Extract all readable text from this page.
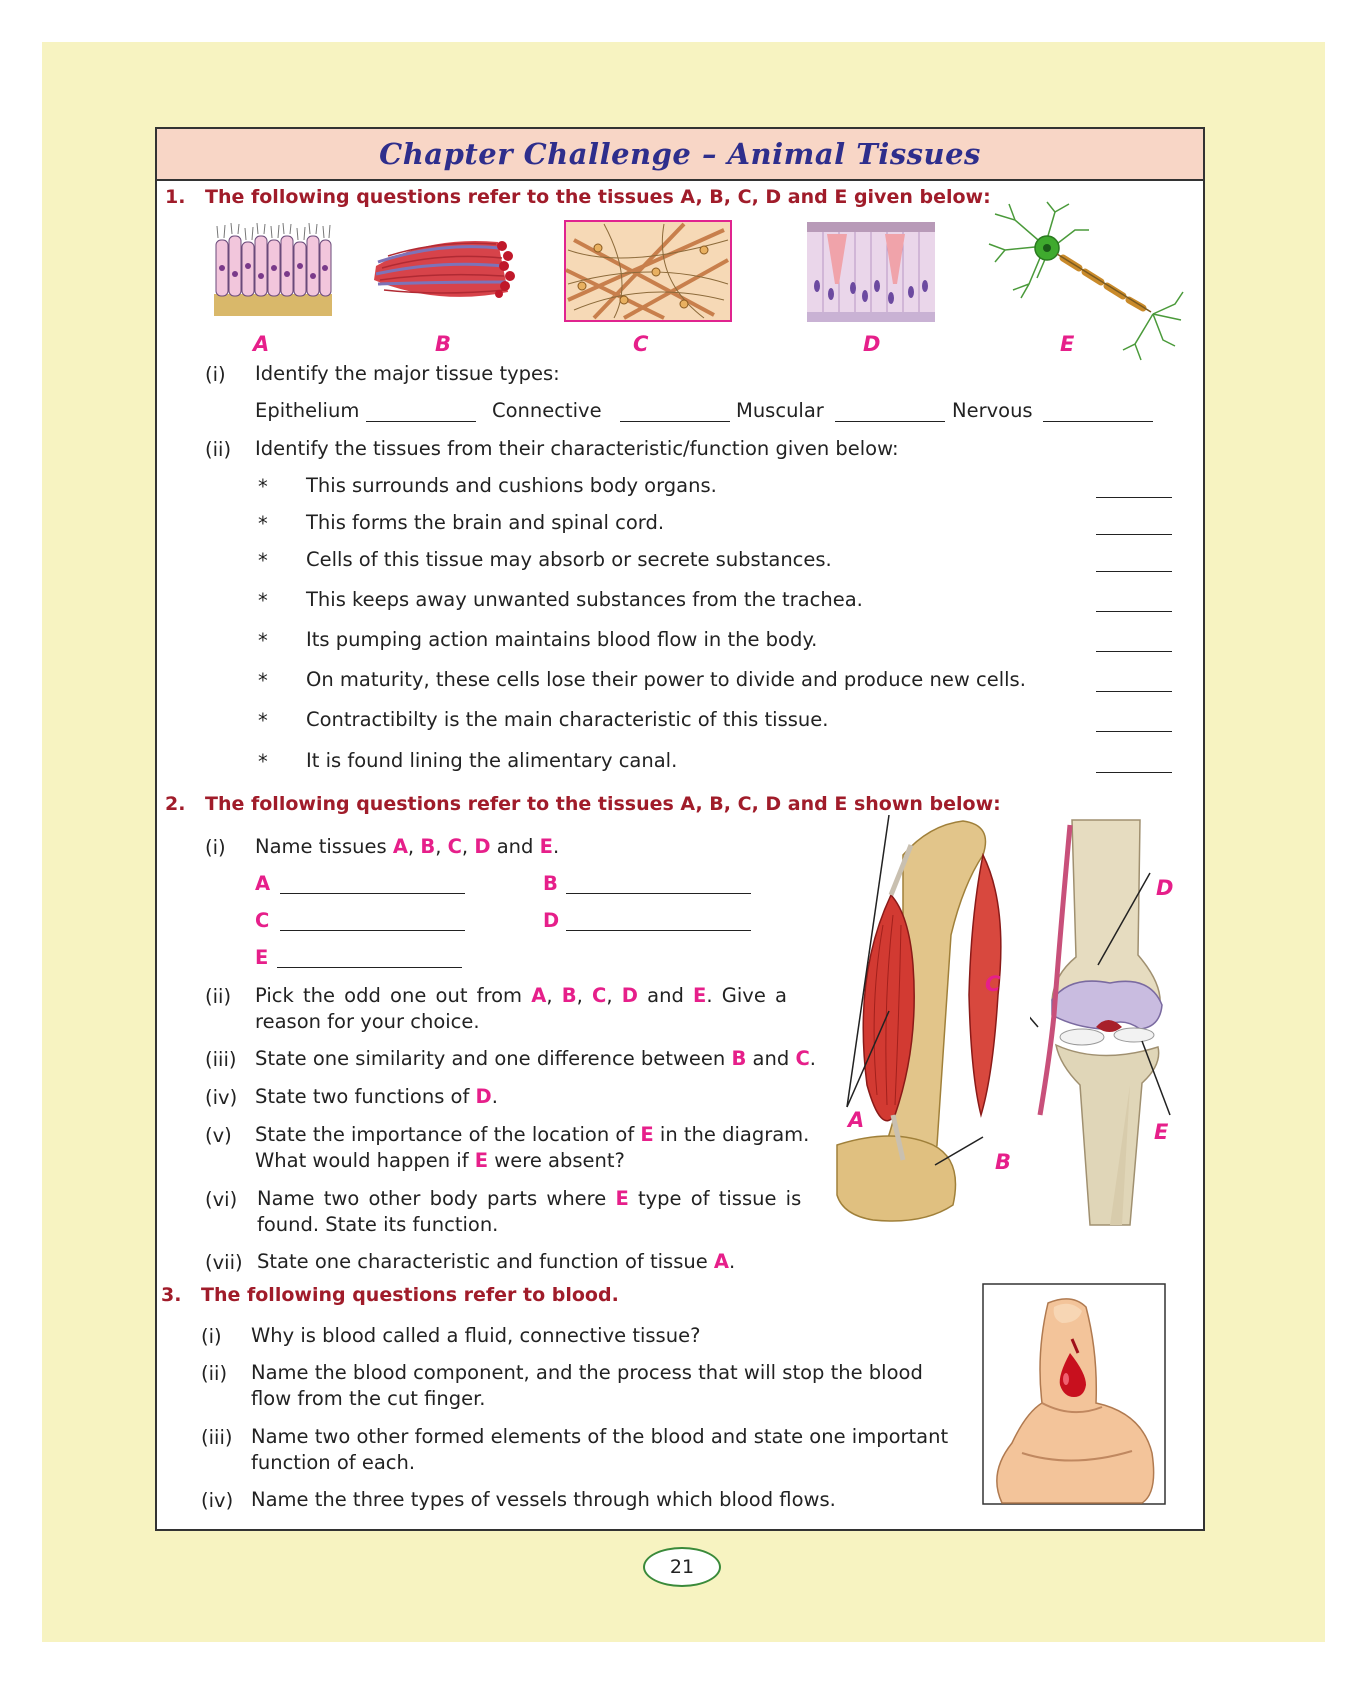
Chapter Challenge – Animal Tissues
1. The following questions refer to the tissues A, B, C, D and E given below:
A	B	C	D	E
(i) Identify the major tissue types:
Epithelium	Connective	Muscular	Nervous
(ii) Identify the tissues from their characteristic/function given below:
* This surrounds and cushions body organs.
* This forms the brain and spinal cord.
* Cells of this tissue may absorb or secrete substances.
* This keeps away unwanted substances from the trachea.
* Its pumping action maintains blood flow in the body.
* On maturity, these cells lose their power to divide and produce new cells.
* Contractibilty is the main characteristic of this tissue.
* It is found lining the alimentary canal.
2. The following questions refer to the tissues A, B, C, D and E shown below:
(i) Name tissues A, B, C, D and E.
A	B
C	D
E
(ii) Pick the odd one out from A, B, C, D and E. Give a
reason for your choice.
(iii) State one similarity and one difference between B and C.
(iv) State two functions of D.
(v) State the importance of the location of E in the diagram.
What would happen if E were absent?
(vi) Name two other body parts where E type of tissue is
found. State its function.
(vii) State one characteristic and function of tissue A.
A
B
D
C
E
3. The following questions refer to blood.
(i) Why is blood called a fluid, connective tissue?
(ii) Name the blood component, and the process that will stop the blood
flow from the cut finger.
(iii) Name two other formed elements of the blood and state one important
function of each.
(iv) Name the three types of vessels through which blood flows.
21
